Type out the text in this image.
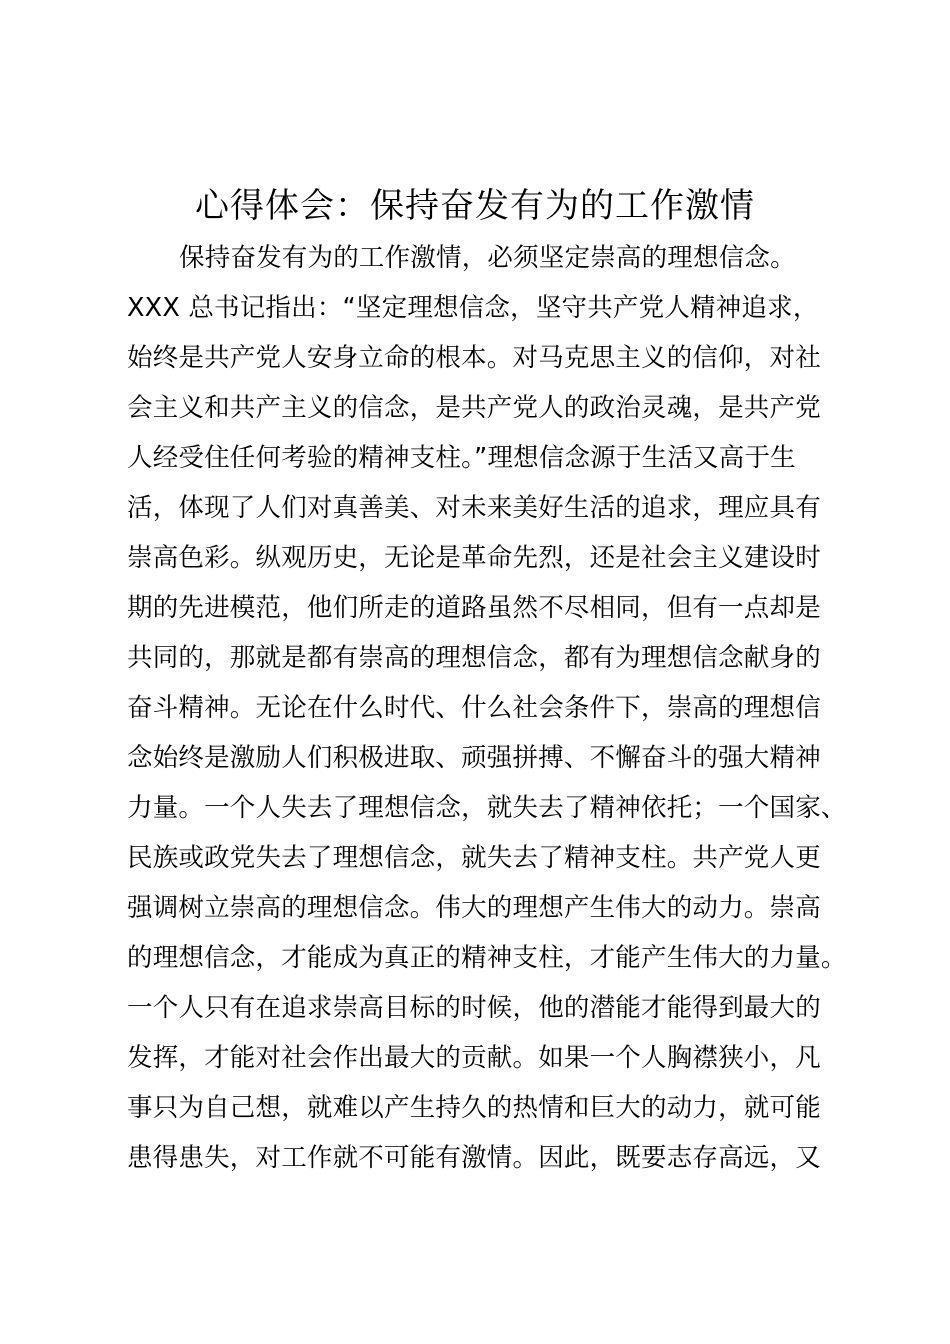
心得体会：保持奋发有为的工作激情
保持奋发有为的工作激情，必须坚定崇高的理想信念。
XXX 总书记指出：“坚定理想信念，坚守共产党人精神追求，
始终是共产党人安身立命的根本。对马克思主义的信仰，对社
会主义和共产主义的信念，是共产党人的政治灵魂，是共产党
人经受住任何考验的精神支柱。”理想信念源于生活又高于生
活，体现了人们对真善美、对未来美好生活的追求，理应具有
崇高色彩。纵观历史，无论是革命先烈，还是社会主义建设时
期的先进模范，他们所走的道路虽然不尽相同，但有一点却是
共同的，那就是都有崇高的理想信念，都有为理想信念献身的
奋斗精神。无论在什么时代、什么社会条件下，崇高的理想信
念始终是激励人们积极进取、顽强拼搏、不懈奋斗的强大精神
力量。一个人失去了理想信念，就失去了精神依托；一个国家、
民族或政党失去了理想信念，就失去了精神支柱。共产党人更
强调树立崇高的理想信念。伟大的理想产生伟大的动力。崇高
的理想信念，才能成为真正的精神支柱，才能产生伟大的力量。
一个人只有在追求崇高目标的时候，他的潜能才能得到最大的
发挥，才能对社会作出最大的贡献。如果一个人胸襟狭小，凡
事只为自己想，就难以产生持久的热情和巨大的动力，就可能
患得患失，对工作就不可能有激情。因此，既要志存高远，又
